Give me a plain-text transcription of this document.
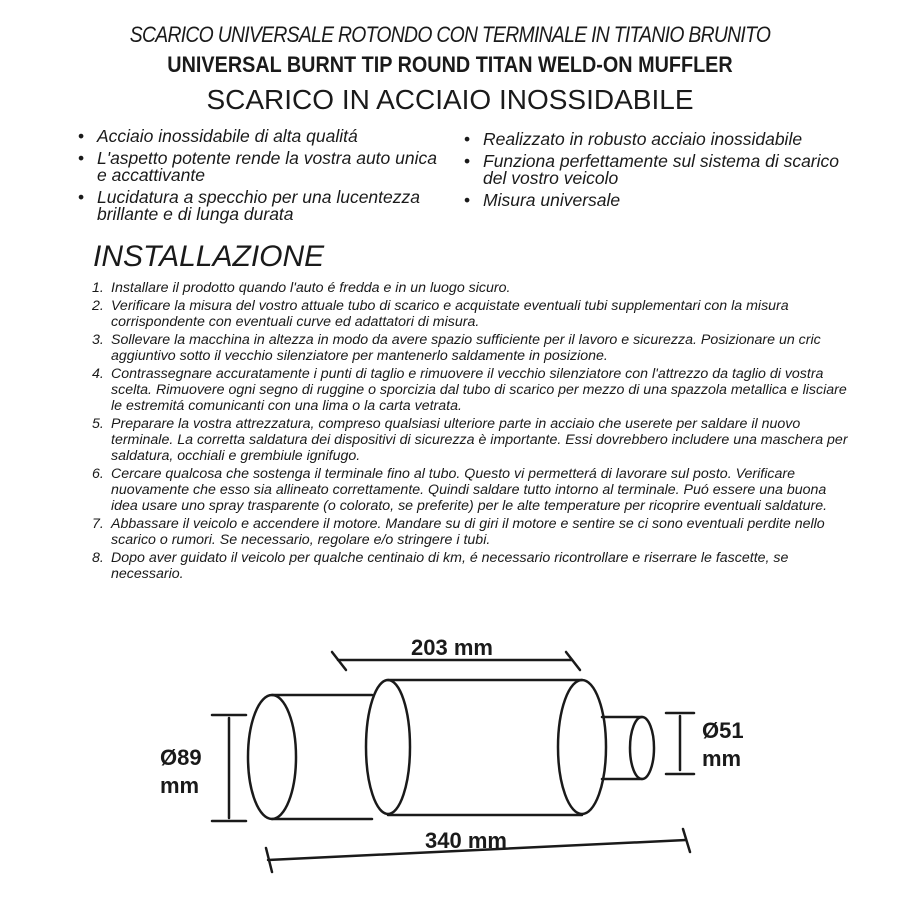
SCARICO UNIVERSALE ROTONDO CON TERMINALE IN TITANIO BRUNITO
UNIVERSAL BURNT TIP ROUND TITAN WELD-ON MUFFLER
SCARICO IN ACCIAIO INOSSIDABILE
• Acciaio inossidabile di alta qualitá
• L'aspetto potente rende la vostra auto unica e accattivante
• Lucidatura a specchio per una lucentezza brillante e di lunga durata
• Realizzato in robusto acciaio inossidabile
• Funziona perfettamente sul sistema di scarico del vostro veicolo
• Misura universale
INSTALLAZIONE
1. Installare il prodotto quando l'auto é fredda e in un luogo sicuro.
2. Verificare la misura del vostro attuale tubo di scarico e acquistate eventuali tubi supplementari con la misura corrispondente con eventuali curve ed adattatori di misura.
3. Sollevare la macchina in altezza in modo da avere spazio sufficiente per il lavoro e sicurezza. Posizionare un cric aggiuntivo sotto il vecchio silenziatore per mantenerlo saldamente in posizione.
4. Contrassegnare accuratamente i punti di taglio e rimuovere il vecchio silenziatore con l'attrezzo da taglio di vostra scelta. Rimuovere ogni segno di ruggine o sporcizia dal tubo di scarico per mezzo di una spazzola metallica e lisciare le estremitá comunicanti con una lima o la carta vetrata.
5. Preparare la vostra attrezzatura, compreso qualsiasi ulteriore parte in acciaio che userete per saldare il nuovo terminale. La corretta saldatura dei dispositivi di sicurezza è importante. Essi dovrebbero includere una maschera per saldatura, occhiali e grembiule ignifugo.
6. Cercare qualcosa che sostenga il terminale fino al tubo. Questo vi permetterá di lavorare sul posto. Verificare nuovamente che esso sia allineato correttamente. Quindi saldare tutto intorno al terminale. Puó essere una buona idea usare uno spray trasparente (o colorato, se preferite) per le alte temperature per ricoprire eventuali saldature.
7. Abbassare il veicolo e accendere il motore. Mandare su di giri il motore e sentire se ci sono eventuali perdite nello scarico o rumori. Se necessario, regolare e/o stringere i tubi.
8. Dopo aver guidato il veicolo per qualche centinaio di km, é necessario ricontrollare e riserrare le fascette, se necessario.
203 mm
340 mm
Ø89
mm
Ø51
mm
